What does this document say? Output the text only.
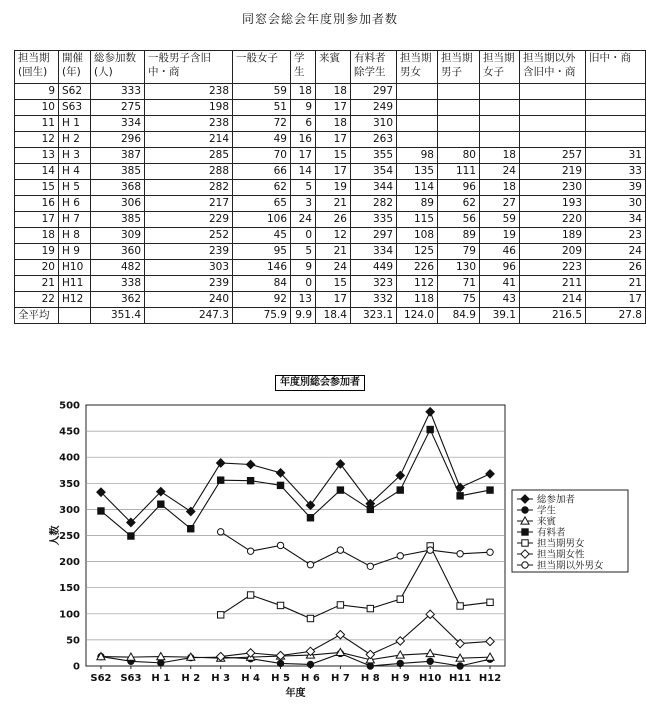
同窓会総会年度別参加者数
担当期(回生)	開催(年)	総参加数(人)	一般男子含旧中・商	一般女子	学生	来賓	有料者除学生	担当期男女	担当期男子	担当期女子	担当期以外含旧中・商	旧中・商
9	S62	333	238	59	18	18	297					
10	S63	275	198	51	9	17	249					
11	H 1	334	238	72	6	18	310					
12	H 2	296	214	49	16	17	263					
13	H 3	387	285	70	17	15	355	98	80	18	257	31
14	H 4	385	288	66	14	17	354	135	111	24	219	33
15	H 5	368	282	62	5	19	344	114	96	18	230	39
16	H 6	306	217	65	3	21	282	89	62	27	193	30
17	H 7	385	229	106	24	26	335	115	56	59	220	34
18	H 8	309	252	45	0	12	297	108	89	19	189	23
19	H 9	360	239	95	5	21	334	125	79	46	209	24
20	H10	482	303	146	9	24	449	226	130	96	223	26
21	H11	338	239	84	0	15	323	112	71	41	211	21
22	H12	362	240	92	13	17	332	118	75	43	214	17
全平均		351.4	247.3	75.9	9.9	18.4	323.1	124.0	84.9	39.1	216.5	27.8
年度別総会参加者
0
50
100
150
200
250
300
350
400
450
500
S62 S63 H 1 H 2 H 3 H 4 H 5 H 6 H 7 H 8 H 9 H10 H11 H12
年度
人数
総参加者
学生
来賓
有料者
担当期男女
担当期女性
担当期以外男女
